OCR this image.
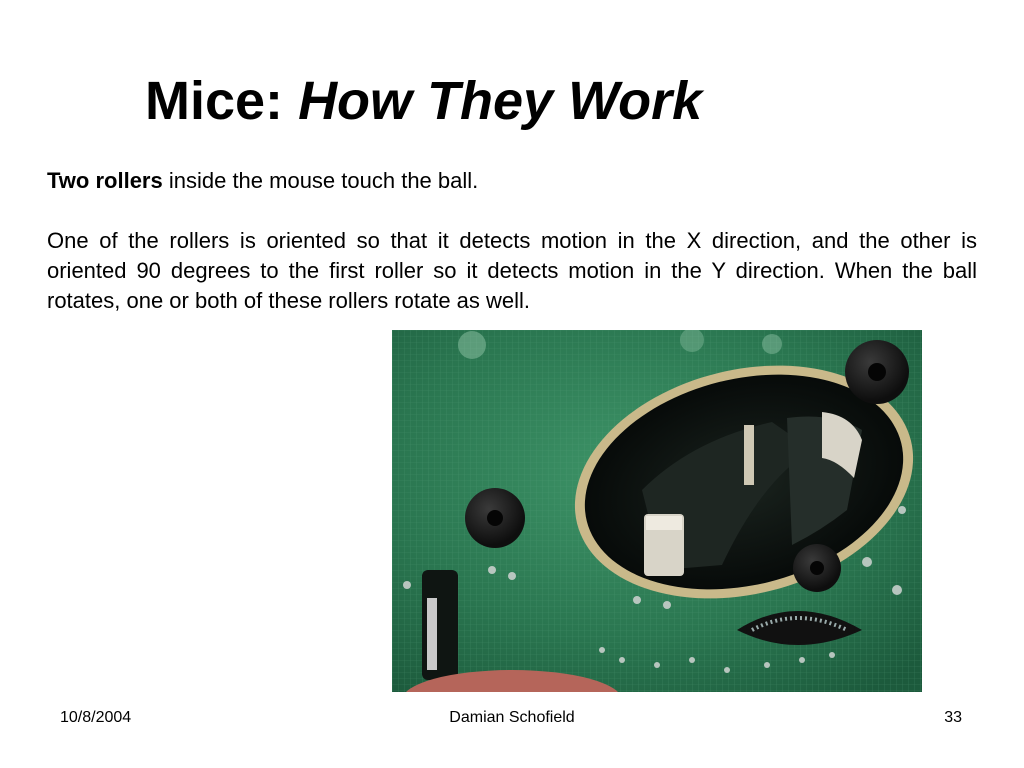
Mice: How They Work

Two rollers inside the mouse touch the ball.

One of the rollers is oriented so that it detects motion in the X direction, and the other is oriented 90 degrees to the first roller so it detects motion in the Y direction. When the ball rotates, one or both of these rollers rotate as well.

10/8/2004	Damian Schofield	33
